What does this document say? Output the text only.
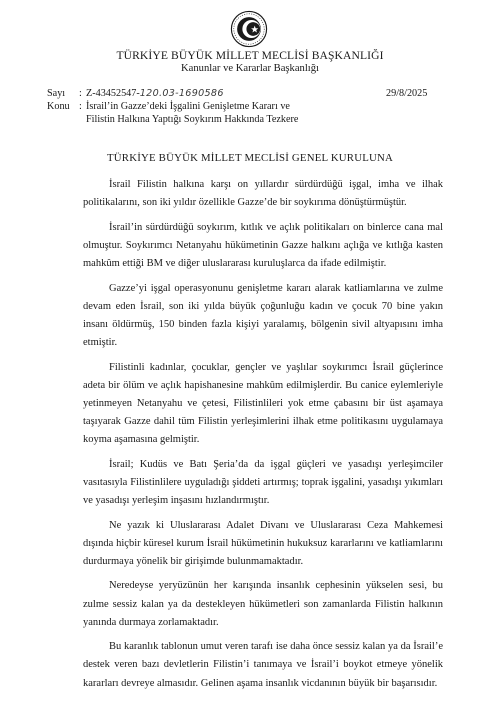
TÜRKİYE BÜYÜK MİLLET MECLİSİ BAŞKANLIĞI
Kanunlar ve Kararlar Başkanlığı
Sayı : Z-43452547-120.03-1690586	29/8/2025
Konu : İsrail’in Gazze’deki İşgalini Genişletme Kararı ve
Filistin Halkına Yaptığı Soykırım Hakkında Tezkere
TÜRKİYE BÜYÜK MİLLET MECLİSİ GENEL KURULUNA

İsrail Filistin halkına karşı on yıllardır sürdürdüğü işgal, imha ve ilhak politikalarını, son iki yıldır özellikle Gazze’de bir soykırıma dönüştürmüştür.

İsrail’in sürdürdüğü soykırım, kıtlık ve açlık politikaları on binlerce cana mal olmuştur. Soykırımcı Netanyahu hükümetinin Gazze halkını açlığa ve kıtlığa kasten mahkûm ettiği BM ve diğer uluslararası kuruluşlarca da ifade edilmiştir.

Gazze’yi işgal operasyonunu genişletme kararı alarak katliamlarına ve zulme devam eden İsrail, son iki yılda büyük çoğunluğu kadın ve çocuk 70 bine yakın insanı öldürmüş, 150 binden fazla kişiyi yaralamış, bölgenin sivil altyapısını imha etmiştir.

Filistinli kadınlar, çocuklar, gençler ve yaşlılar soykırımcı İsrail güçlerince adeta bir ölüm ve açlık hapishanesine mahkûm edilmişlerdir. Bu canice eylemleriyle yetinmeyen Netanyahu ve çetesi, Filistinlileri yok etme çabasını bir üst aşamaya taşıyarak Gazze dahil tüm Filistin yerleşimlerini ilhak etme politikasını uygulamaya koyma aşamasına gelmiştir.

İsrail; Kudüs ve Batı Şeria’da da işgal güçleri ve yasadışı yerleşimciler vasıtasıyla Filistinlilere uyguladığı şiddeti artırmış; toprak işgalini, yasadışı yıkımları ve yasadışı yerleşim inşasını hızlandırmıştır.

Ne yazık ki Uluslararası Adalet Divanı ve Uluslararası Ceza Mahkemesi dışında hiçbir küresel kurum İsrail hükümetinin hukuksuz kararlarını ve katliamlarını durdurmaya yönelik bir girişimde bulunmamaktadır.

Neredeyse yeryüzünün her karışında insanlık cephesinin yükselen sesi, bu zulme sessiz kalan ya da destekleyen hükümetleri son zamanlarda Filistin halkının yanında durmaya zorlamaktadır.

Bu karanlık tablonun umut veren tarafı ise daha önce sessiz kalan ya da İsrail’e destek veren bazı devletlerin Filistin’i tanımaya ve İsrail’i boykot etmeye yönelik kararları devreye almasıdır. Gelinen aşama insanlık vicdanının büyük bir başarısıdır.
